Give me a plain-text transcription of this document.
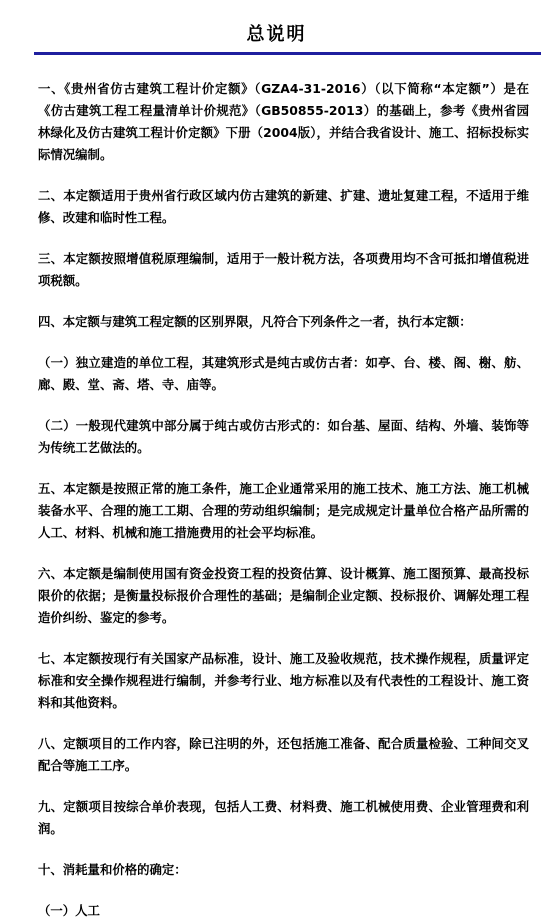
总说明

一、《贵州省仿古建筑工程计价定额》（GZA4-31-2016）（以下简称“本定额”）是在《仿古建筑工程工程量清单计价规范》（GB50855-2013）的基础上，参考《贵州省园林绿化及仿古建筑工程计价定额》下册（2004版），并结合我省设计、施工、招标投标实际情况编制。

二、本定额适用于贵州省行政区域内仿古建筑的新建、扩建、遗址复建工程，不适用于维修、改建和临时性工程。

三、本定额按照增值税原理编制，适用于一般计税方法，各项费用均不含可抵扣增值税进项税额。

四、本定额与建筑工程定额的区别界限，凡符合下列条件之一者，执行本定额：

（一）独立建造的单位工程，其建筑形式是纯古或仿古者：如亭、台、楼、阁、榭、舫、廊、殿、堂、斋、塔、寺、庙等。

（二）一般现代建筑中部分属于纯古或仿古形式的：如台基、屋面、结构、外墙、装饰等为传统工艺做法的。

五、本定额是按照正常的施工条件，施工企业通常采用的施工技术、施工方法、施工机械装备水平、合理的施工工期、合理的劳动组织编制；是完成规定计量单位合格产品所需的人工、材料、机械和施工措施费用的社会平均标准。

六、本定额是编制使用国有资金投资工程的投资估算、设计概算、施工图预算、最高投标限价的依据；是衡量投标报价合理性的基础；是编制企业定额、投标报价、调解处理工程造价纠纷、鉴定的参考。

七、本定额按现行有关国家产品标准，设计、施工及验收规范，技术操作规程，质量评定标准和安全操作规程进行编制，并参考行业、地方标准以及有代表性的工程设计、施工资料和其他资料。

八、定额项目的工作内容，除已注明的外，还包括施工准备、配合质量检验、工种间交叉配合等施工工序。

九、定额项目按综合单价表现，包括人工费、材料费、施工机械使用费、企业管理费和利润。

十、消耗量和价格的确定：

（一）人工
